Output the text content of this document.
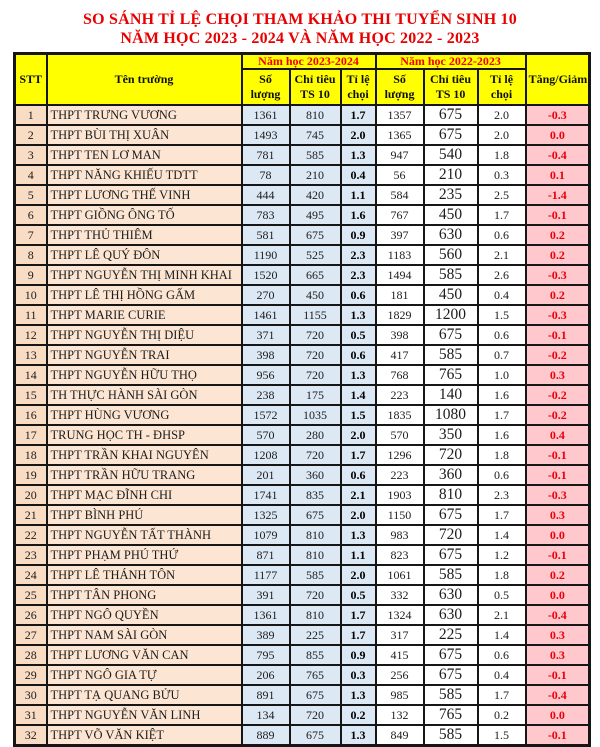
SO SÁNH TỈ LỆ CHỌI THAM KHẢO THI TUYỂN SINH 10
NĂM HỌC 2023 - 2024 VÀ NĂM HỌC 2022 - 2023
STT	Tên trường	Năm học 2023-2024			Năm học 2022-2023			Tăng/Giảm
		Số lượng	Chỉ tiêu TS 10	Tỉ lệ chọi	Số lượng	Chỉ tiêu TS 10	Tỉ lệ chọi	
1	THPT TRƯNG VƯƠNG	1361	810	1.7	1357	675	2.0	-0.3
2	THPT BÙI THỊ XUÂN	1493	745	2.0	1365	675	2.0	0.0
3	THPT TEN LƠ MAN	781	585	1.3	947	540	1.8	-0.4
4	THPT NĂNG KHIẾU TDTT	78	210	0.4	56	210	0.3	0.1
5	THPT LƯƠNG THẾ VINH	444	420	1.1	584	235	2.5	-1.4
6	THPT GIỒNG ÔNG TỐ	783	495	1.6	767	450	1.7	-0.1
7	THPT THỦ THIÊM	581	675	0.9	397	630	0.6	0.2
8	THPT LÊ QUÝ ĐÔN	1190	525	2.3	1183	560	2.1	0.2
9	THPT NGUYỄN THỊ MINH KHAI	1520	665	2.3	1494	585	2.6	-0.3
10	THPT LÊ THỊ HỒNG GẤM	270	450	0.6	181	450	0.4	0.2
11	THPT MARIE CURIE	1461	1155	1.3	1829	1200	1.5	-0.3
12	THPT NGUYỄN THỊ DIỆU	371	720	0.5	398	675	0.6	-0.1
13	THPT NGUYỄN TRAI	398	720	0.6	417	585	0.7	-0.2
14	THPT NGUYỄN HỮU THỌ	956	720	1.3	768	765	1.0	0.3
15	TH THỰC HÀNH SÀI GÒN	238	175	1.4	223	140	1.6	-0.2
16	THPT HÙNG VƯƠNG	1572	1035	1.5	1835	1080	1.7	-0.2
17	TRUNG HỌC TH - ĐHSP	570	280	2.0	570	350	1.6	0.4
18	THPT TRẦN KHAI NGUYÊN	1208	720	1.7	1296	720	1.8	-0.1
19	THPT TRẦN HỮU TRANG	201	360	0.6	223	360	0.6	-0.1
20	THPT MẠC ĐĨNH CHI	1741	835	2.1	1903	810	2.3	-0.3
21	THPT BÌNH PHÚ	1325	675	2.0	1150	675	1.7	0.3
22	THPT NGUYỄN TẤT THÀNH	1079	810	1.3	983	720	1.4	0.0
23	THPT PHẠM PHÚ THỨ	871	810	1.1	823	675	1.2	-0.1
24	THPT LÊ THÁNH TÔN	1177	585	2.0	1061	585	1.8	0.2
25	THPT TÂN PHONG	391	720	0.5	332	630	0.5	0.0
26	THPT NGÔ QUYỀN	1361	810	1.7	1324	630	2.1	-0.4
27	THPT NAM SÀI GÒN	389	225	1.7	317	225	1.4	0.3
28	THPT LƯƠNG VĂN CAN	795	855	0.9	415	675	0.6	0.3
29	THPT NGÔ GIA TỰ	206	765	0.3	256	675	0.4	-0.1
30	THPT TẠ QUANG BỬU	891	675	1.3	985	585	1.7	-0.4
31	THPT NGUYỄN VĂN LINH	134	720	0.2	132	765	0.2	0.0
32	THPT VÕ VĂN KIỆT	889	675	1.3	849	585	1.5	-0.1
